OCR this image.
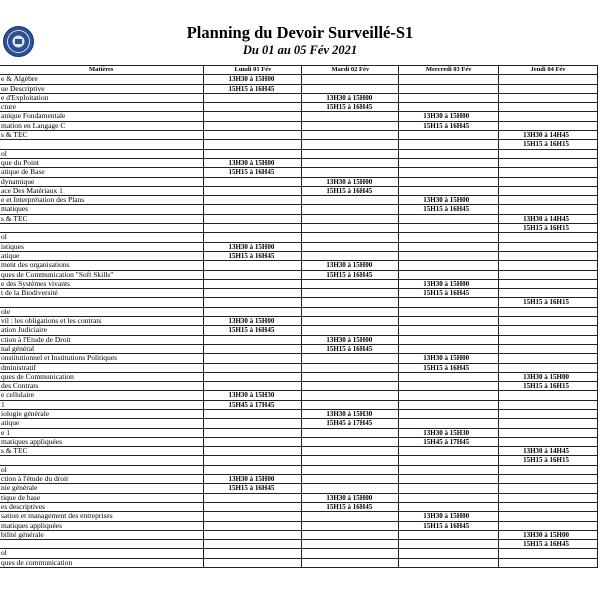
Planning du Devoir Surveillé-S1
Du 01 au 05 Fév 2021
Matières	Lundi 01 Fév	Mardi 02 Fév	Mercredi 03 Fév	Jeudi 04 Fév
e & Algèbre	13H30 à 15H00			
ue Descriptive	15H15 à 16H45			
e d'Exploitation		13H30 à 15H00		
cture		15H15 à 16H45		
anique Fondamentale			13H30 à 15H00	
mation en Langage C			15H15 à 16H45	
s & TEC				13H30 à 14H45
				15H15 à 16H15
ol				
que du Point	13H30 à 15H00			
atique de Base	15H15 à 16H45			
dynamique		13H30 à 15H00		
ace Des Matériaux 1		15H15 à 16H45		
e et Interprétation des Plans			13H30 à 15H00	
matiques			15H15 à 16H45	
s & TEC				13H30 à 14H45
				15H15 à 16H15
ol				
istiques	13H30 à 15H00			
atique	15H15 à 16H45			
ment des organisations		13H30 à 15H00		
ques de Communication "Soft Skills"		15H15 à 16H45		
e des Systèmes vivants			13H30 à 15H00	
t de la Biodiversité			15H15 à 16H45	
				15H15 à 16H15
ole				
vil : les obligations et les contrats	13H30 à 15H00			
ation Judiciaire	15H15 à 16H45			
ction à l'Etude de Droit		13H30 à 15H00		
nal général		15H15 à 16H45		
onstitutionnel et Institutions Politiques			13H30 à 15H00	
dministratif			15H15 à 16H45	
ques de Communication				13H30 à 15H00
des Contrats				15H15 à 16H15
e cellulaire	13H30 à 15H30			
1	15H45 à 17H45			
iologie générale		13H30 à 15H30		
atique		15H45 à 17H45		
e 1			13H30 à 15H30	
matiques appliquées			15H45 à 17H45	
s & TEC				13H30 à 14H45
				15H15 à 16H15
ol				
ction à l'étude du droit	13H30 à 15H00			
nie générale	15H15 à 16H45			
tique de base		13H30 à 15H00		
es descriptives		15H15 à 16H45		
sation et management des entreprises			13H30 à 15H00	
matiques appliquées			15H15 à 16H45	
bilité générale				13H30 à 15H00
				15H15 à 16H45
ol				
ques de communication				
